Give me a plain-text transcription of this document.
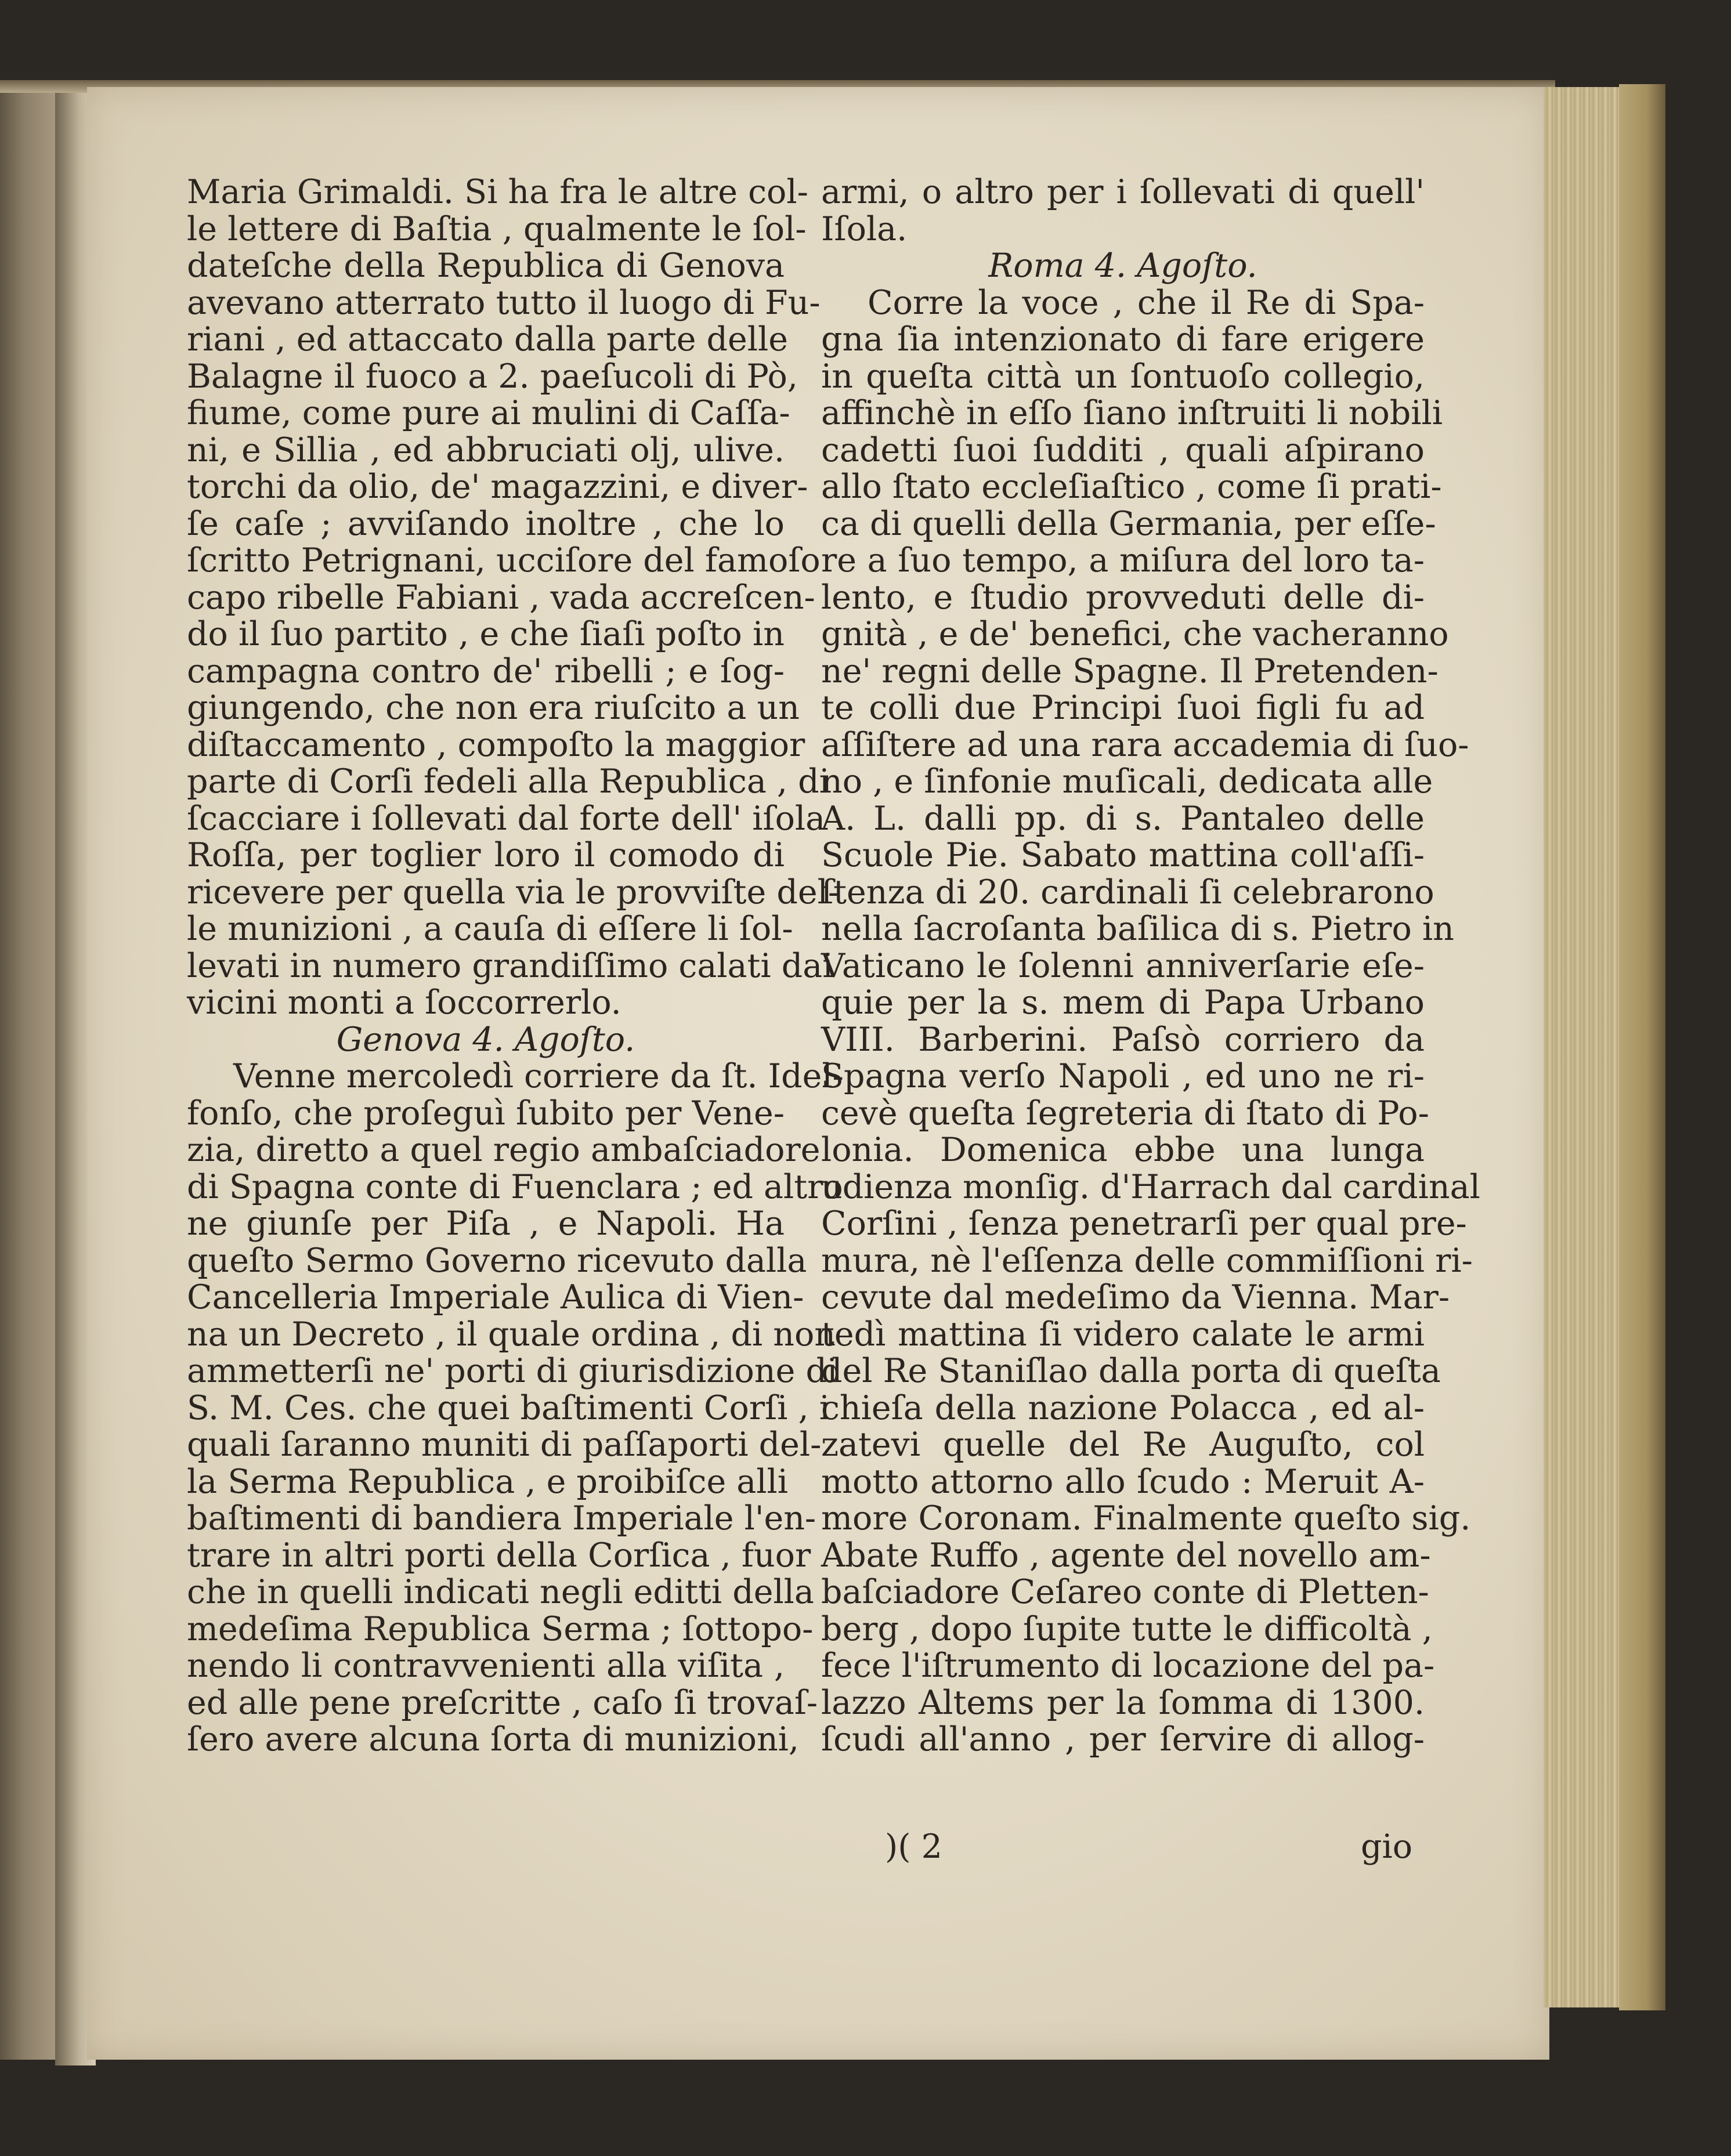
Maria Grimaldi. Si ha fra le altre col-
le lettere di Baſtia , qualmente le ſol-
dateſche della Republica di Genova
avevano atterrato tutto il luogo di Fu-
riani , ed attaccato dalla parte delle
Balagne il fuoco a 2. paeſucoli di Pò,
fiume, come pure ai mulini di Caſſa-
ni, e Sillia , ed abbruciati olj, ulive.
torchi da olio, de' magazzini, e diver-
ſe caſe ; avviſando inoltre , che lo
ſcritto Petrignani, ucciſore del famoſo
capo ribelle Fabiani , vada accreſcen-
do il ſuo partito , e che ſiaſi poſto in
campagna contro de' ribelli ; e ſog-
giungendo, che non era riuſcito a un
diſtaccamento , compoſto la maggior
parte di Corſi fedeli alla Republica , di
ſcacciare i ſollevati dal forte dell' iſola
Roſſa, per toglier loro il comodo di
ricevere per quella via le provviſte del-
le munizioni , a cauſa di eſſere li ſol-
levati in numero grandiſſimo calati dai
vicini monti a ſoccorrerlo.
Genova 4. Agoſto.
Venne mercoledì corriere da ſt. Idel-
fonſo, che proſeguì ſubito per Vene-
zia, diretto a quel regio ambaſciadore
di Spagna conte di Fuenclara ; ed altro
ne giunſe per Piſa , e Napoli. Ha
queſto Sermo Governo ricevuto dalla
Cancelleria Imperiale Aulica di Vien-
na un Decreto , il quale ordina , di non
ammetterſi ne' porti di giurisdizione di
S. M. Ces. che quei baſtimenti Corſi , i
quali ſaranno muniti di paſſaporti del-
la Serma Republica , e proibiſce alli
baſtimenti di bandiera Imperiale l'en-
trare in altri porti della Corſica , fuor
che in quelli indicati negli editti della
medeſima Republica Serma ; ſottopo-
nendo li contravvenienti alla viſita ,
ed alle pene preſcritte , caſo ſi trovaſ-
ſero avere alcuna ſorta di munizioni,
armi, o altro per i ſollevati di quell'
Iſola.
Roma 4. Agoſto.
Corre la voce , che il Re di Spa-
gna ſia intenzionato di fare erigere
in queſta città un ſontuoſo collegio,
affinchè in eſſo ſiano inſtruiti li nobili
cadetti ſuoi ſudditi , quali aſpirano
allo ſtato eccleſiaſtico , come ſi prati-
ca di quelli della Germania, per eſſe-
re a ſuo tempo, a miſura del loro ta-
lento, e ſtudio provveduti delle di-
gnità , e de' benefici, che vacheranno
ne' regni delle Spagne. Il Pretenden-
te colli due Principi ſuoi figli fu ad
aſſiſtere ad una rara accademia di ſuo-
no , e ſinfonie muſicali, dedicata alle
A. L. dalli pp. di s. Pantaleo delle
Scuole Pie. Sabato mattina coll'aſſi-
ſtenza di 20. cardinali ſi celebrarono
nella ſacroſanta baſilica di s. Pietro in
Vaticano le ſolenni anniverſarie eſe-
quie per la s. mem di Papa Urbano
VIII. Barberini. Paſsò corriero da
Spagna verſo Napoli , ed uno ne ri-
cevè queſta ſegreteria di ſtato di Po-
lonia. Domenica ebbe una lunga
udienza monſig. d'Harrach dal cardinal
Corſini , ſenza penetrarſi per qual pre-
mura, nè l'eſſenza delle commiſſioni ri-
cevute dal medeſimo da Vienna. Mar-
tedì mattina ſi videro calate le armi
del Re Staniſlao dalla porta di queſta
chieſa della nazione Polacca , ed al-
zatevi quelle del Re Auguſto, col
motto attorno allo ſcudo : Meruit A-
more Coronam. Finalmente queſto sig.
Abate Ruffo , agente del novello am-
baſciadore Ceſareo conte di Pletten-
berg , dopo ſupite tutte le difficoltà ,
fece l'iſtrumento di locazione del pa-
lazzo Altems per la ſomma di 1300.
ſcudi all'anno , per ſervire di allog-
)( 2	gio
